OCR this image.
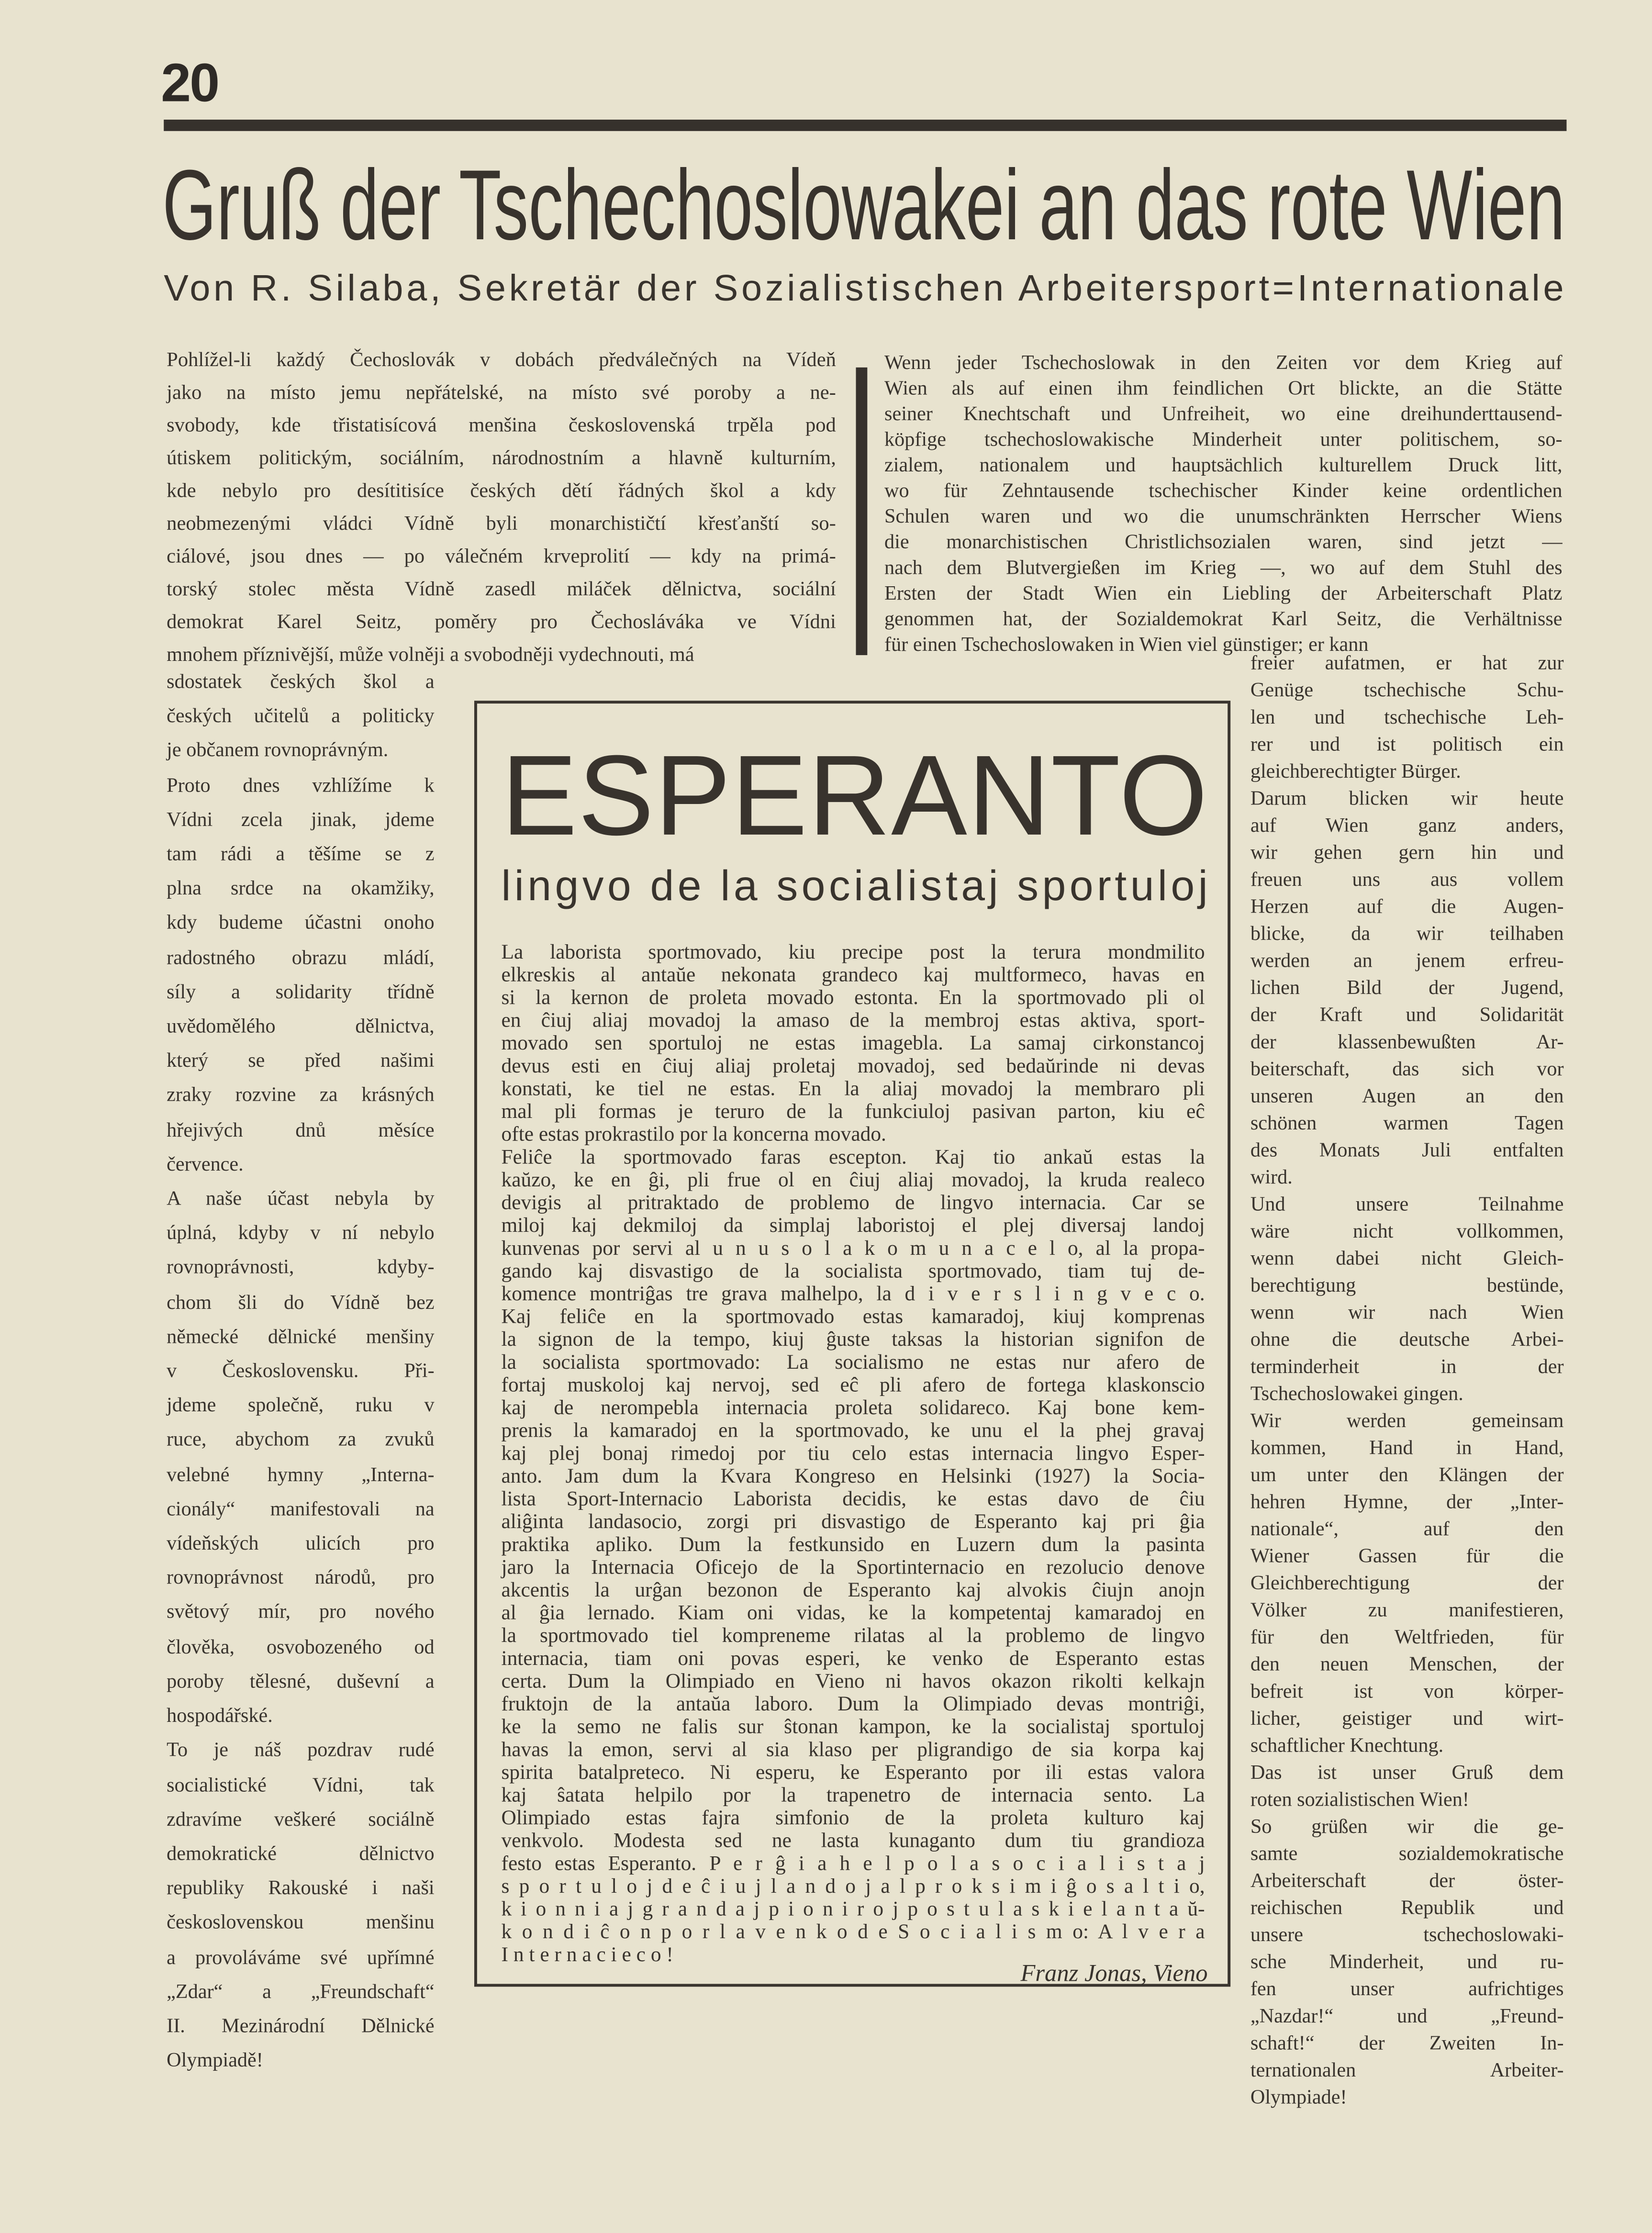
20
Gruß der Tschechoslowakei an das rote Wien
Von R. Silaba, Sekretär der Sozialistischen Arbeitersport=Internationale
Pohlížel-li každý Čechoslovák v dobách předválečných na Vídeň
jako na místo jemu nepřátelské, na místo své poroby a ne-
svobody, kde třistatisícová menšina československá trpěla pod
útiskem politickým, sociálním, národnostním a hlavně kulturním,
kde nebylo pro desítitisíce českých dětí řádných škol a kdy
neobmezenými vládci Vídně byli monarchističtí křesťanští so-
ciálové, jsou dnes — po válečném krveprolití — kdy na primá-
torský stolec města Vídně zasedl miláček dělnictva, sociální
demokrat Karel Seitz, poměry pro Čechosláváka ve Vídni
mnohem příznivější, může volněji a svobodněji vydechnouti, má
Wenn jeder Tschechoslowak in den Zeiten vor dem Krieg auf
Wien als auf einen ihm feindlichen Ort blickte, an die Stätte
seiner Knechtschaft und Unfreiheit, wo eine dreihunderttausend-
köpfige tschechoslowakische Minderheit unter politischem, so-
zialem, nationalem und hauptsächlich kulturellem Druck litt,
wo für Zehntausende tschechischer Kinder keine ordentlichen
Schulen waren und wo die unumschränkten Herrscher Wiens
die monarchistischen Christlichsozialen waren, sind jetzt —
nach dem Blutvergießen im Krieg —, wo auf dem Stuhl des
Ersten der Stadt Wien ein Liebling der Arbeiterschaft Platz
genommen hat, der Sozialdemokrat Karl Seitz, die Verhältnisse
für einen Tschechoslowaken in Wien viel günstiger; er kann
sdostatek českých škol a
českých učitelů a politicky
je občanem rovnoprávným.
Proto dnes vzhlížíme k
Vídni zcela jinak, jdeme
tam rádi a těšíme se z
plna srdce na okamžiky,
kdy budeme účastni onoho
radostného obrazu mládí,
síly a solidarity třídně
uvědomělého dělnictva,
který se před našimi
zraky rozvine za krásných
hřejivých dnů měsíce
července.
A naše účast nebyla by
úplná, kdyby v ní nebylo
rovnoprávnosti, kdyby-
chom šli do Vídně bez
německé dělnické menšiny
v Československu. Při-
jdeme společně, ruku v
ruce, abychom za zvuků
velebné hymny „Interna-
cionály“ manifestovali na
vídeňských ulicích pro
rovnoprávnost národů, pro
světový mír, pro nového
člověka, osvobozeného od
poroby tělesné, duševní a
hospodářské.
To je náš pozdrav rudé
socialistické Vídni, tak
zdravíme veškeré sociálně
demokratické dělnictvo
republiky Rakouské i naši
československou menšinu
a provoláváme své upřímné
„Zdar“ a „Freundschaft“
II. Mezinárodní Dělnické
Olympiadě!
freier aufatmen, er hat zur
Genüge tschechische Schu-
len und tschechische Leh-
rer und ist politisch ein
gleichberechtigter Bürger.
Darum blicken wir heute
auf Wien ganz anders,
wir gehen gern hin und
freuen uns aus vollem
Herzen auf die Augen-
blicke, da wir teilhaben
werden an jenem erfreu-
lichen Bild der Jugend,
der Kraft und Solidarität
der klassenbewußten Ar-
beiterschaft, das sich vor
unseren Augen an den
schönen warmen Tagen
des Monats Juli entfalten
wird.
Und unsere Teilnahme
wäre nicht vollkommen,
wenn dabei nicht Gleich-
berechtigung bestünde,
wenn wir nach Wien
ohne die deutsche Arbei-
terminderheit in der
Tschechoslowakei gingen.
Wir werden gemeinsam
kommen, Hand in Hand,
um unter den Klängen der
hehren Hymne, der „Inter-
nationale“, auf den
Wiener Gassen für die
Gleichberechtigung der
Völker zu manifestieren,
für den Weltfrieden, für
den neuen Menschen, der
befreit ist von körper-
licher, geistiger und wirt-
schaftlicher Knechtung.
Das ist unser Gruß dem
roten sozialistischen Wien!
So grüßen wir die ge-
samte sozialdemokratische
Arbeiterschaft der öster-
reichischen Republik und
unsere tschechoslowaki-
sche Minderheit, und ru-
fen unser aufrichtiges
„Nazdar!“ und „Freund-
schaft!“ der Zweiten In-
ternationalen Arbeiter-
Olympiade!
ESPERANTO
lingvo de la socialistaj sportuloj
La laborista sportmovado, kiu precipe post la terura mondmilito
elkreskis al antaŭe nekonata grandeco kaj multformeco, havas en
si la kernon de proleta movado estonta. En la sportmovado pli ol
en ĉiuj aliaj movadoj la amaso de la membroj estas aktiva, sport-
movado sen sportuloj ne estas imagebla. La samaj cirkonstancoj
devus esti en ĉiuj aliaj proletaj movadoj, sed bedaŭrinde ni devas
konstati, ke tiel ne estas. En la aliaj movadoj la membraro pli
mal pli formas je teruro de la funkciuloj pasivan parton, kiu eĉ
ofte estas prokrastilo por la koncerna movado.
Feliĉe la sportmovado faras escepton. Kaj tio ankaŭ estas la
kaŭzo, ke en ĝi, pli frue ol en ĉiuj aliaj movadoj, la kruda realeco
devigis al pritraktado de problemo de lingvo internacia. Car se
miloj kaj dekmiloj da simplaj laboristoj el plej diversaj landoj
kunvenas por servi al u n u s o l a k o m u n a c e l o, al la propa-
gando kaj disvastigo de la socialista sportmovado, tiam tuj de-
komence montriĝas tre grava malhelpo, la d i v e r s l i n g v e c o.
Kaj feliĉe en la sportmovado estas kamaradoj, kiuj komprenas
la signon de la tempo, kiuj ĝuste taksas la historian signifon de
la socialista sportmovado: La socialismo ne estas nur afero de
fortaj muskoloj kaj nervoj, sed eĉ pli afero de fortega klaskonscio
kaj de nerompebla internacia proleta solidareco. Kaj bone kem-
prenis la kamaradoj en la sportmovado, ke unu el la phej gravaj
kaj plej bonaj rimedoj por tiu celo estas internacia lingvo Esper-
anto. Jam dum la Kvara Kongreso en Helsinki (1927) la Socia-
lista Sport-Internacio Laborista decidis, ke estas davo de ĉiu
aliĝinta landasocio, zorgi pri disvastigo de Esperanto kaj pri ĝia
praktika apliko. Dum la festkunsido en Luzern dum la pasinta
jaro la Internacia Oficejo de la Sportinternacio en rezolucio denove
akcentis la urĝan bezonon de Esperanto kaj alvokis ĉiujn anojn
al ĝia lernado. Kiam oni vidas, ke la kompetentaj kamaradoj en
la sportmovado tiel kompreneme rilatas al la problemo de lingvo
internacia, tiam oni povas esperi, ke venko de Esperanto estas
certa. Dum la Olimpiado en Vieno ni havos okazon rikolti kelkajn
fruktojn de la antaŭa laboro. Dum la Olimpiado devas montriĝi,
ke la semo ne falis sur ŝtonan kampon, ke la socialistaj sportuloj
havas la emon, servi al sia klaso per pligrandigo de sia korpa kaj
spirita batalpreteco. Ni esperu, ke Esperanto por ili estas valora
kaj ŝatata helpilo por la trapenetro de internacia sento. La
Olimpiado estas fajra simfonio de la proleta kulturo kaj
venkvolo. Modesta sed ne lasta kunaganto dum tiu grandioza
festo estas Esperanto. P e r ĝ i a h e l p o l a s o c i a l i s t a j
s p o r t u l o j d e ĉ i u j l a n d o j a l p r o k s i m i ĝ o s a l t i o,
k i o n n i a j g r a n d a j p i o n i r o j p o s t u l a s k i e l a n t a ŭ-
k o n d i ĉ o n p o r l a v e n k o d e S o c i a l i s m o: A l v e r a
I n t e r n a c i e c o !
Franz Jonas, Vieno
